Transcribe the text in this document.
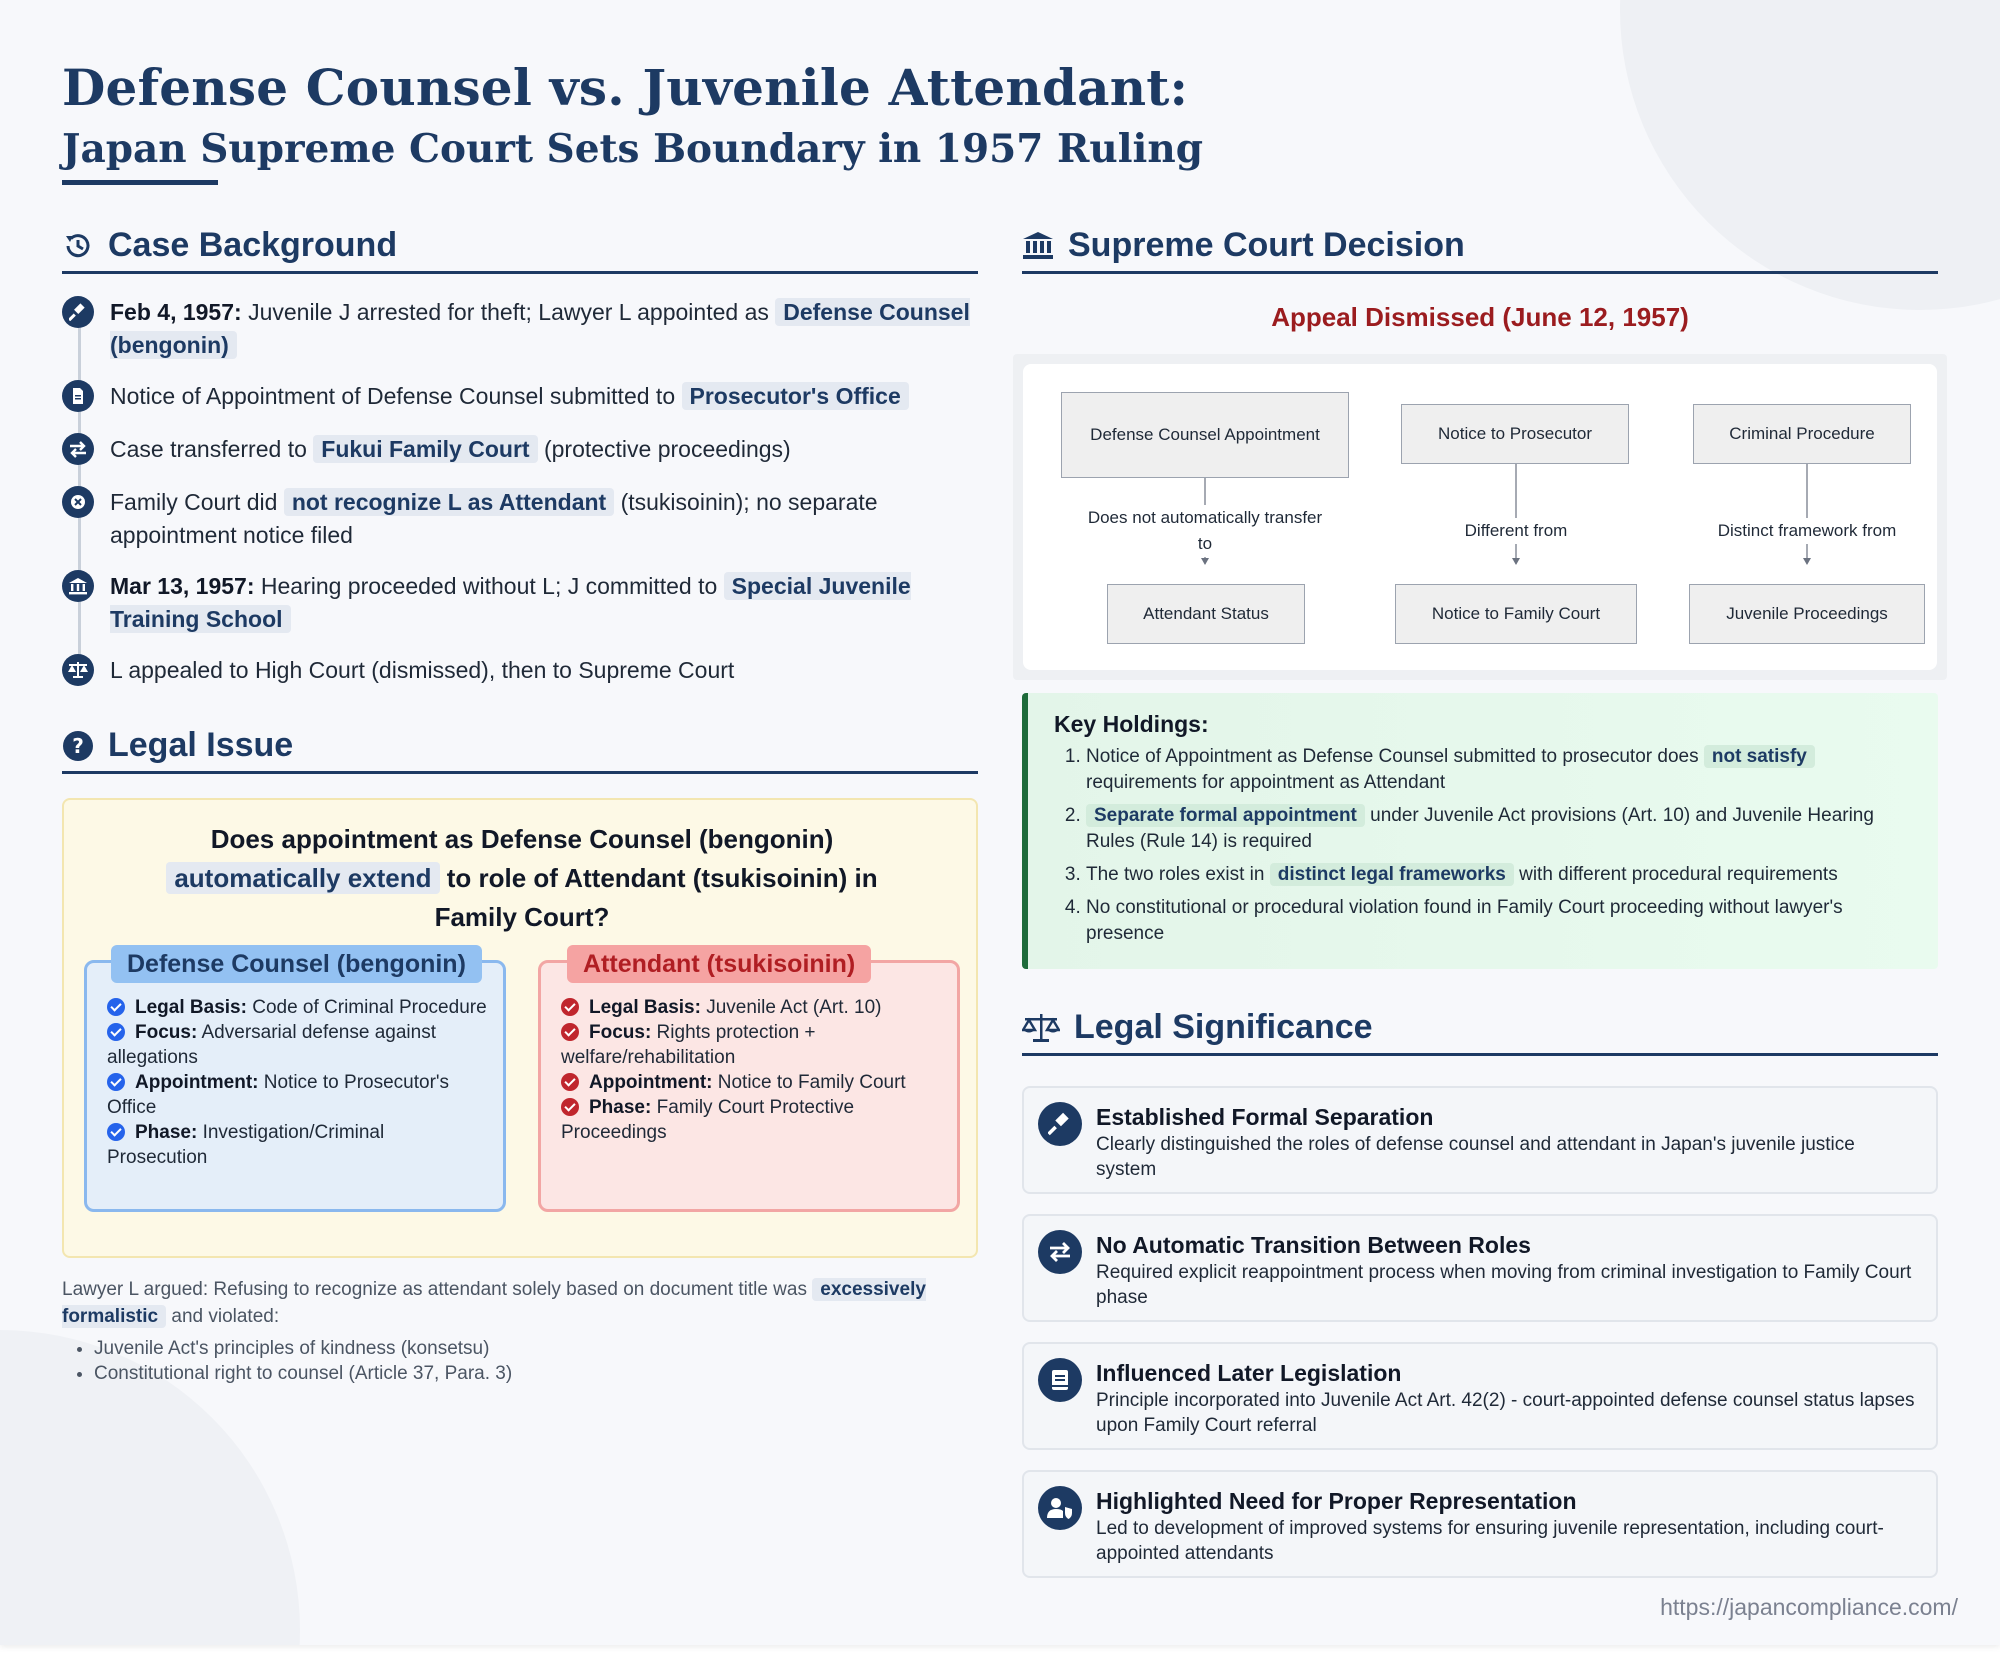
Defense Counsel vs. Juvenile Attendant:
Japan Supreme Court Sets Boundary in 1957 Ruling
Case Background
Feb 4, 1957: Juvenile J arrested for theft; Lawyer L appointed as Defense Counsel (bengonin)
Notice of Appointment of Defense Counsel submitted to Prosecutor's Office
Case transferred to Fukui Family Court (protective proceedings)
Family Court did not recognize L as Attendant (tsukisoinin); no separate appointment notice filed
Mar 13, 1957: Hearing proceeded without L; J committed to Special Juvenile Training School
L appealed to High Court (dismissed), then to Supreme Court
? Legal Issue
Does appointment as Defense Counsel (bengonin)
automatically extend to role of Attendant (tsukisoinin) in Family Court?
Defense Counsel (bengonin)
Legal Basis: Code of Criminal Procedure
Focus: Adversarial defense against allegations
Appointment: Notice to Prosecutor's Office
Phase: Investigation/Criminal Prosecution
Attendant (tsukisoinin)
Legal Basis: Juvenile Act (Art. 10)
Focus: Rights protection + welfare/rehabilitation
Appointment: Notice to Family Court
Phase: Family Court Protective Proceedings
Lawyer L argued: Refusing to recognize as attendant solely based on document title was excessively formalistic and violated:
• Juvenile Act's principles of kindness (konsetsu)
• Constitutional right to counsel (Article 37, Para. 3)
Supreme Court Decision
Appeal Dismissed (June 12, 1957)
Defense Counsel Appointment
Does not automatically transfer to
Attendant Status
Notice to Prosecutor
Different from
Notice to Family Court
Criminal Procedure
Distinct framework from
Juvenile Proceedings
Key Holdings:
1. Notice of Appointment as Defense Counsel submitted to prosecutor does not satisfy requirements for appointment as Attendant
2. Separate formal appointment under Juvenile Act provisions (Art. 10) and Juvenile Hearing Rules (Rule 14) is required
3. The two roles exist in distinct legal frameworks with different procedural requirements
4. No constitutional or procedural violation found in Family Court proceeding without lawyer's presence
Legal Significance
Established Formal Separation
Clearly distinguished the roles of defense counsel and attendant in Japan's juvenile justice system
No Automatic Transition Between Roles
Required explicit reappointment process when moving from criminal investigation to Family Court phase
Influenced Later Legislation
Principle incorporated into Juvenile Act Art. 42(2) - court-appointed defense counsel status lapses upon Family Court referral
Highlighted Need for Proper Representation
Led to development of improved systems for ensuring juvenile representation, including court-appointed attendants
https://japancompliance.com/
